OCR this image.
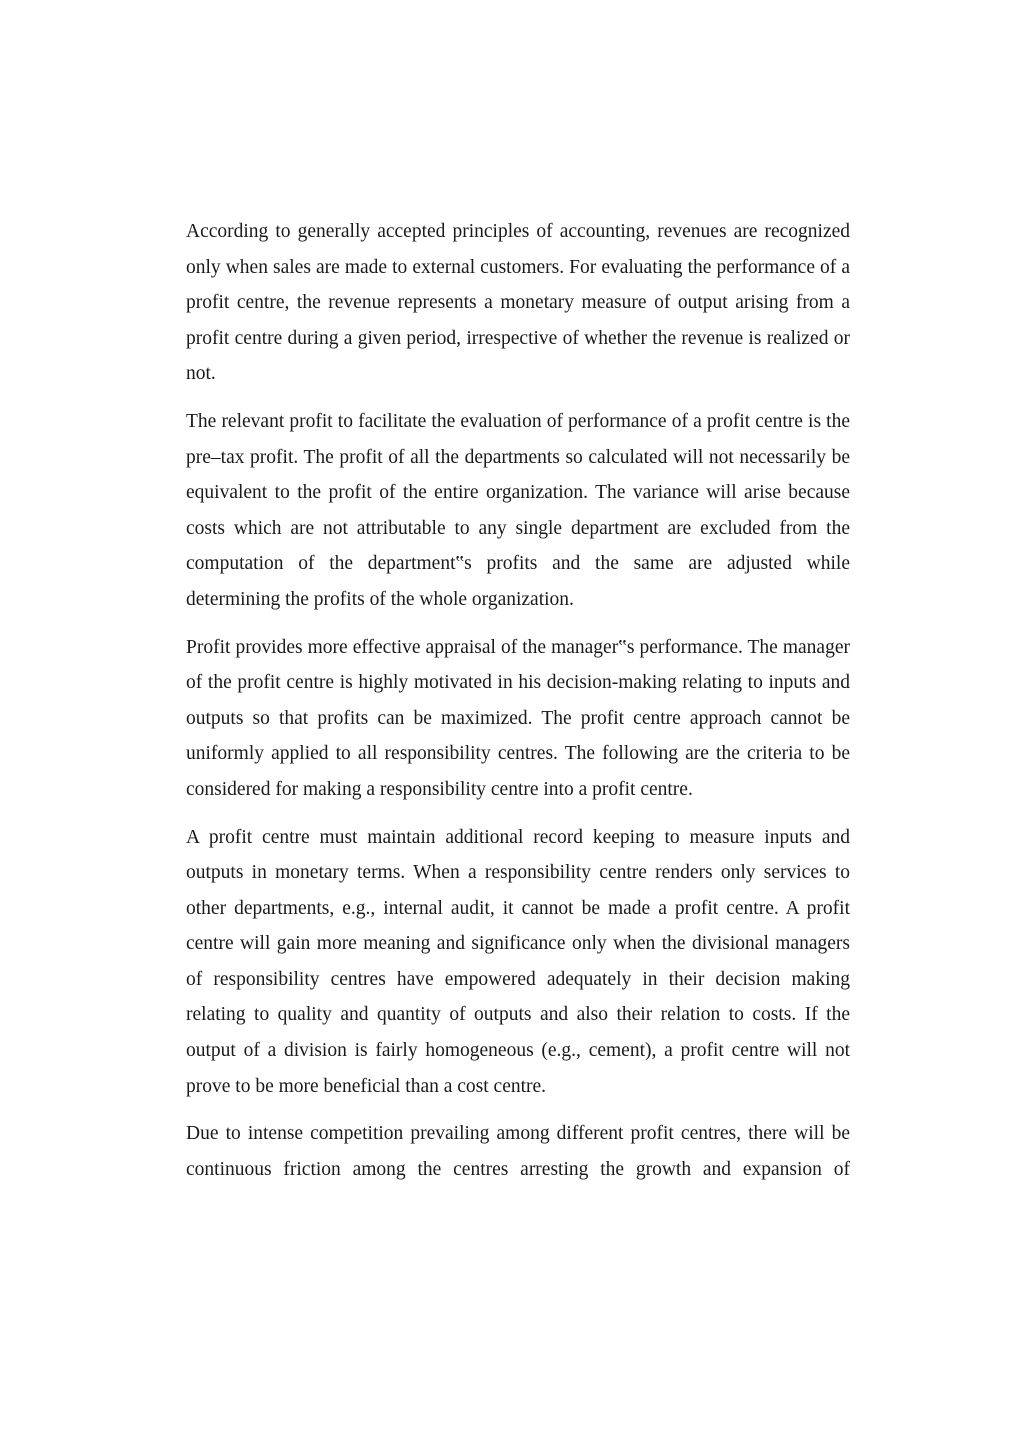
According to generally accepted principles of accounting, revenues are recognized only when sales are made to external customers. For evaluating the performance of a profit centre, the revenue represents a monetary measure of output arising from a profit centre during a given period, irrespective of whether the revenue is realized or not.

The relevant profit to facilitate the evaluation of performance of a profit centre is the pre–tax profit. The profit of all the departments so calculated will not necessarily be equivalent to the profit of the entire organization. The variance will arise because costs which are not attributable to any single department are excluded from the computation of the department‟s profits and the same are adjusted while determining the profits of the whole organization.

Profit provides more effective appraisal of the manager‟s performance. The manager of the profit centre is highly motivated in his decision-making relating to inputs and outputs so that profits can be maximized. The profit centre approach cannot be uniformly applied to all responsibility centres. The following are the criteria to be considered for making a responsibility centre into a profit centre.

A profit centre must maintain additional record keeping to measure inputs and outputs in monetary terms. When a responsibility centre renders only services to other departments, e.g., internal audit, it cannot be made a profit centre. A profit centre will gain more meaning and significance only when the divisional managers of responsibility centres have empowered adequately in their decision making relating to quality and quantity of outputs and also their relation to costs. If the output of a division is fairly homogeneous (e.g., cement), a profit centre will not prove to be more beneficial than a cost centre.

Due to intense competition prevailing among different profit centres, there will be continuous friction among the centres arresting the growth and expansion of
